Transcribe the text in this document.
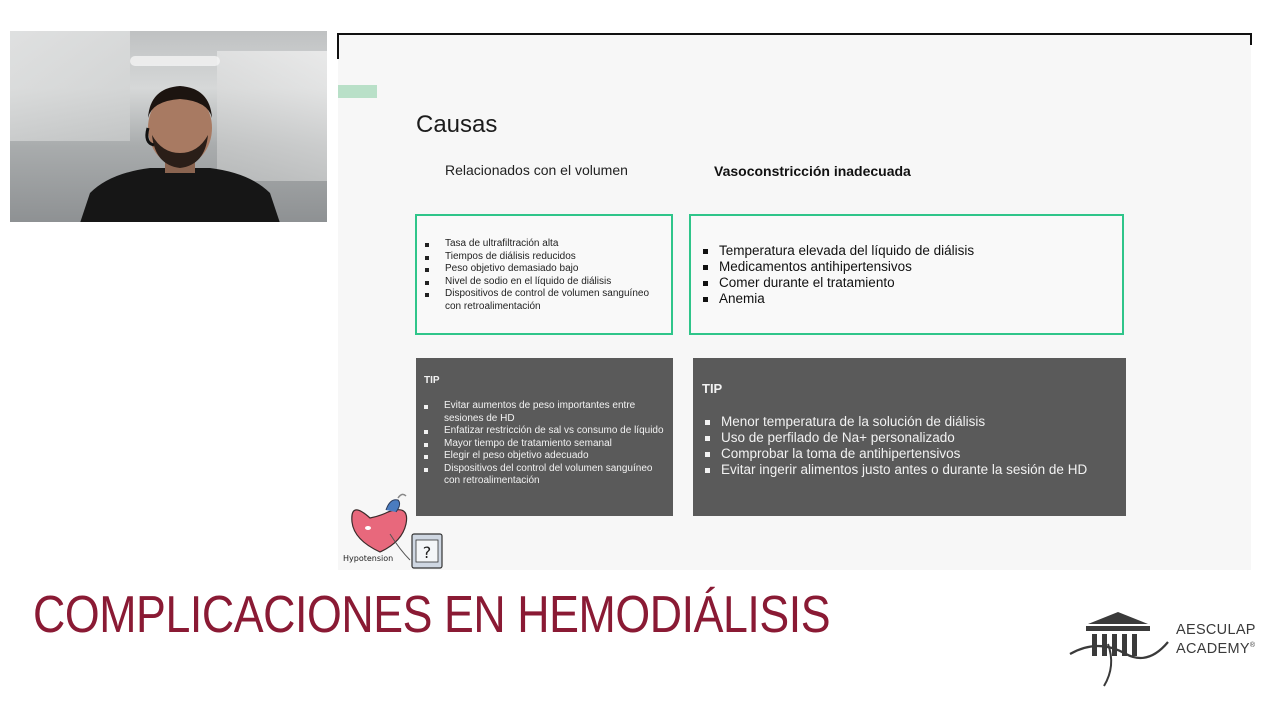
Causas
Relacionados con el volumen	Vasoconstricción inadecuada
Tasa de ultrafiltración alta
Tiempos de diálisis reducidos
Peso objetivo demasiado bajo
Nivel de sodio en el líquido de diálisis
Dispositivos de control de volumen sanguíneo con retroalimentación
Temperatura elevada del líquido de diálisis
Medicamentos antihipertensivos
Comer durante el tratamiento
Anemia
TIP
Evitar aumentos de peso importantes entre sesiones de HD
Enfatizar restricción de sal vs consumo de líquido
Mayor tiempo de tratamiento semanal
Elegir el peso objetivo adecuado
Dispositivos del control del volumen sanguíneo con retroalimentación
TIP
Menor temperatura de la solución de diálisis
Uso de perfilado de Na+ personalizado
Comprobar la toma de antihipertensivos
Evitar ingerir alimentos justo antes o durante la sesión de HD
?
Hypotension
COMPLICACIONES EN HEMODIÁLISIS	AESCULAP
ACADEMY®
